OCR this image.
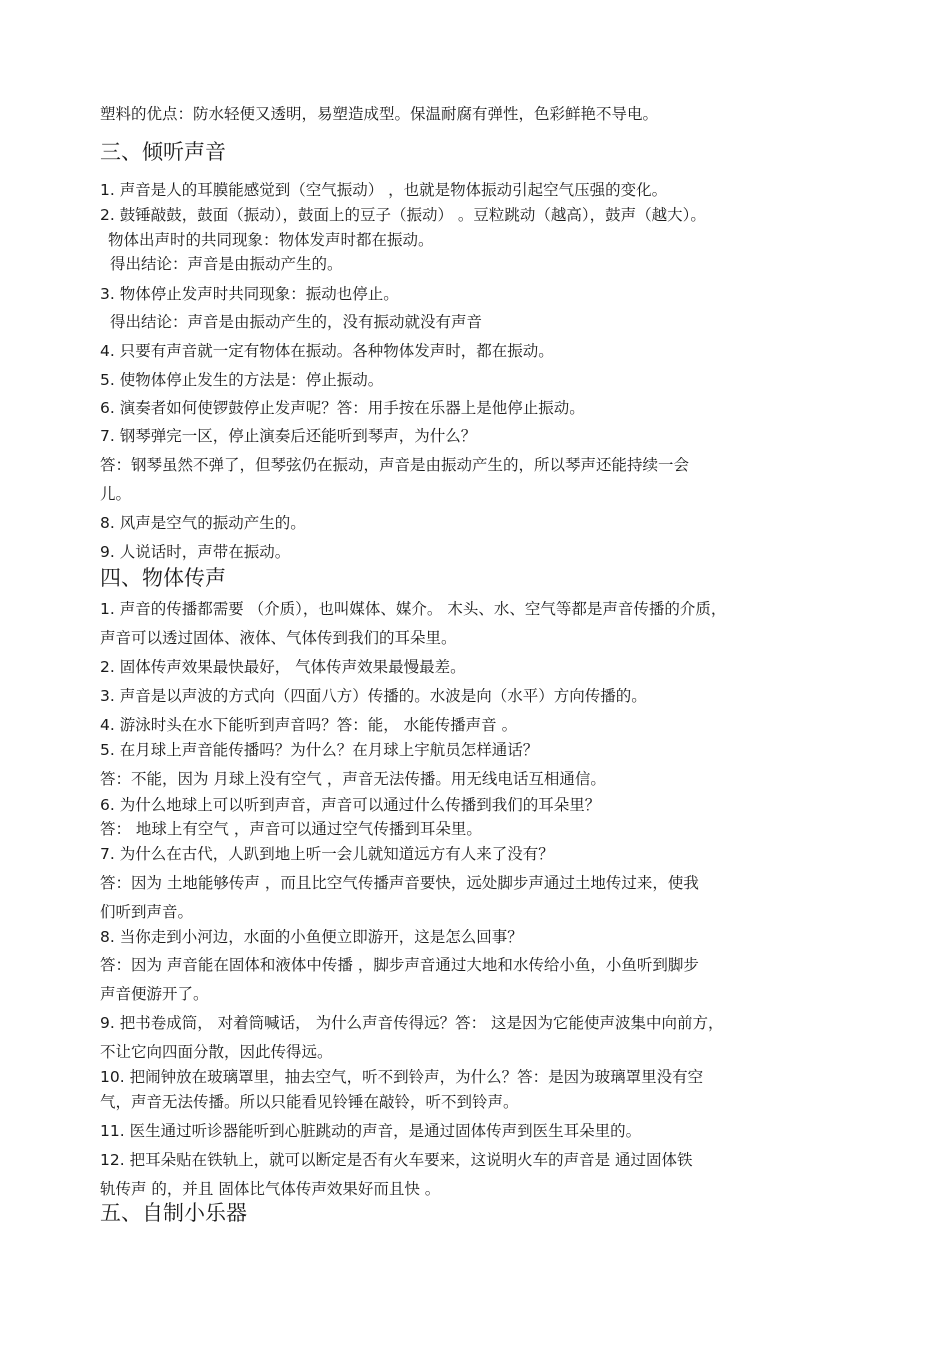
塑料的优点：防水轻便又透明，易塑造成型。保温耐腐有弹性，色彩鲜艳不导电。
三、倾听声音
1. 声音是人的耳膜能感觉到（空气振动） ，也就是物体振动引起空气压强的变化。
2. 鼓锤敲鼓，鼓面（振动），鼓面上的豆子（振动） 。豆粒跳动（越高），鼓声（越大）。
物体出声时的共同现象：物体发声时都在振动。
得出结论：声音是由振动产生的。
3. 物体停止发声时共同现象：振动也停止。
得出结论：声音是由振动产生的，没有振动就没有声音
4. 只要有声音就一定有物体在振动。各种物体发声时，都在振动。
5. 使物体停止发生的方法是：停止振动。
6. 演奏者如何使锣鼓停止发声呢？答：用手按在乐器上是他停止振动。
7. 钢琴弹完一区，停止演奏后还能听到琴声，为什么？
答：钢琴虽然不弹了，但琴弦仍在振动，声音是由振动产生的，所以琴声还能持续一会
儿。
8. 风声是空气的振动产生的。
9. 人说话时，声带在振动。
四、物体传声
1. 声音的传播都需要 （介质），也叫媒体、媒介。 木头、水、空气等都是声音传播的介质，
声音可以透过固体、液体、气体传到我们的耳朵里。
2. 固体传声效果最快最好， 气体传声效果最慢最差。
3. 声音是以声波的方式向（四面八方）传播的。水波是向（水平）方向传播的。
4. 游泳时头在水下能听到声音吗？答：能， 水能传播声音 。
5. 在月球上声音能传播吗？为什么？在月球上宇航员怎样通话？
答：不能，因为 月球上没有空气 ，声音无法传播。用无线电话互相通信。
6. 为什么地球上可以听到声音，声音可以通过什么传播到我们的耳朵里？
答： 地球上有空气 ，声音可以通过空气传播到耳朵里。
7. 为什么在古代，人趴到地上听一会儿就知道远方有人来了没有？
答：因为 土地能够传声 ，而且比空气传播声音要快，远处脚步声通过土地传过来，使我
们听到声音。
8. 当你走到小河边，水面的小鱼便立即游开，这是怎么回事？
答：因为 声音能在固体和液体中传播 ，脚步声音通过大地和水传给小鱼，小鱼听到脚步
声音便游开了。
9. 把书卷成筒， 对着筒喊话， 为什么声音传得远？答： 这是因为它能使声波集中向前方，
不让它向四面分散，因此传得远。
10. 把闹钟放在玻璃罩里，抽去空气，听不到铃声，为什么？答：是因为玻璃罩里没有空
气，声音无法传播。所以只能看见铃锤在敲铃，听不到铃声。
11. 医生通过听诊器能听到心脏跳动的声音，是通过固体传声到医生耳朵里的。
12. 把耳朵贴在铁轨上，就可以断定是否有火车要来，这说明火车的声音是 通过固体铁
轨传声 的，并且 固体比气体传声效果好而且快 。
五、自制小乐器
